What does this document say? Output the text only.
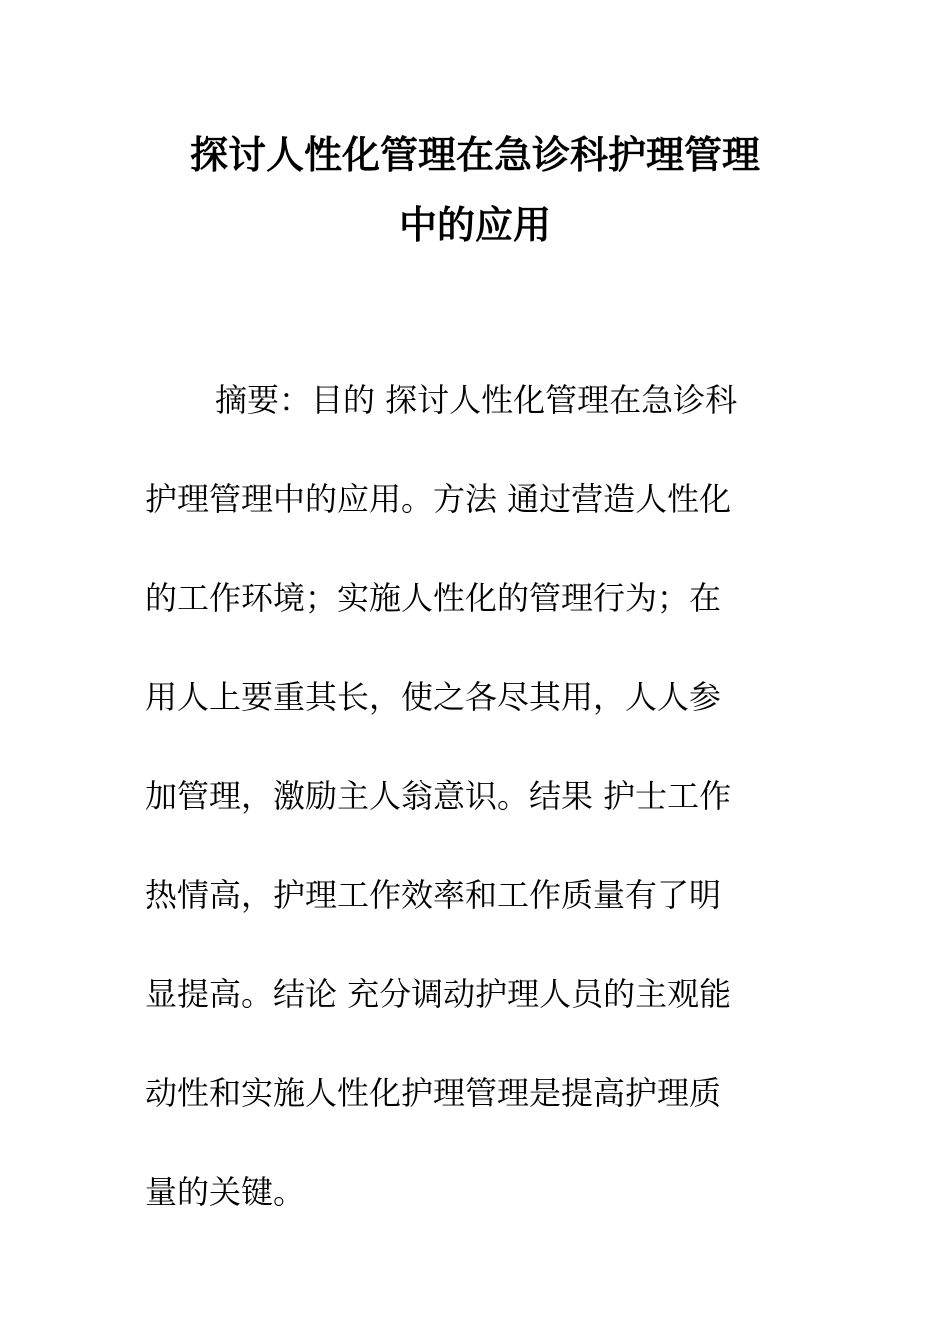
探讨人性化管理在急诊科护理管理
中的应用

摘要：目的 探讨人性化管理在急诊科

护理管理中的应用。方法 通过营造人性化

的工作环境；实施人性化的管理行为；在

用人上要重其长，使之各尽其用，人人参

加管理，激励主人翁意识。结果 护士工作

热情高，护理工作效率和工作质量有了明

显提高。结论 充分调动护理人员的主观能

动性和实施人性化护理管理是提高护理质

量的关键。
